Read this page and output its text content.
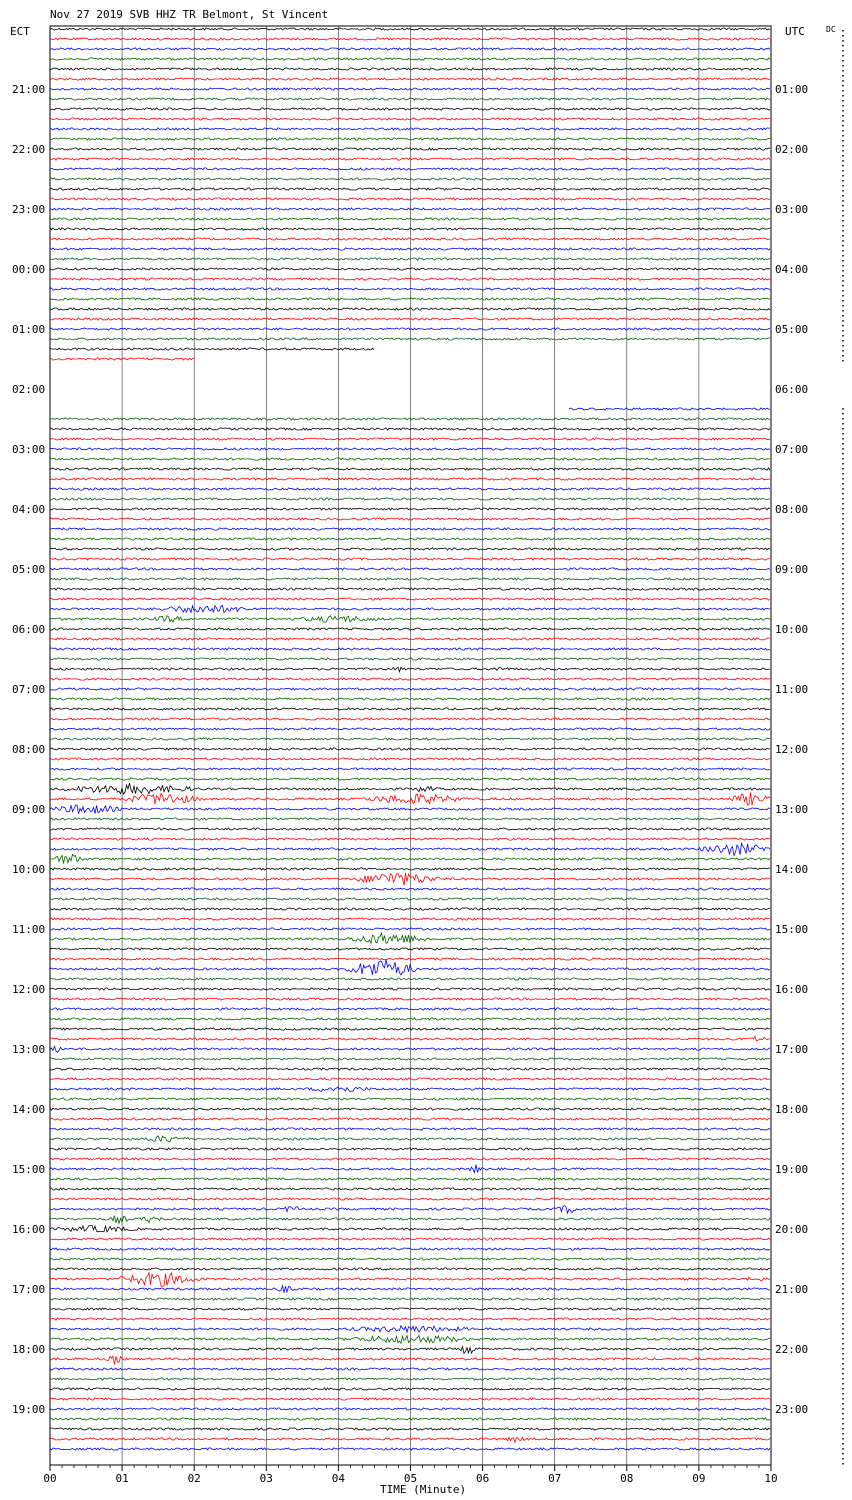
21:00
22:00
23:00
00:00
01:00
02:00
03:00
04:00
05:00
06:00
07:00
08:00
09:00
10:00
11:00
12:00
13:00
14:00
15:00
16:00
17:00
18:00
19:00
01:00
02:00
03:00
04:00
05:00
06:00
07:00
08:00
09:00
10:00
11:00
12:00
13:00
14:00
15:00
16:00
17:00
18:00
19:00
20:00
21:00
22:00
23:00
00	01	02	03	04	05	06	07	08	09	10
Nov 27 2019 SVB HHZ TR Belmont, St Vincent
ECT	UTC	DC
TIME (Minute)
